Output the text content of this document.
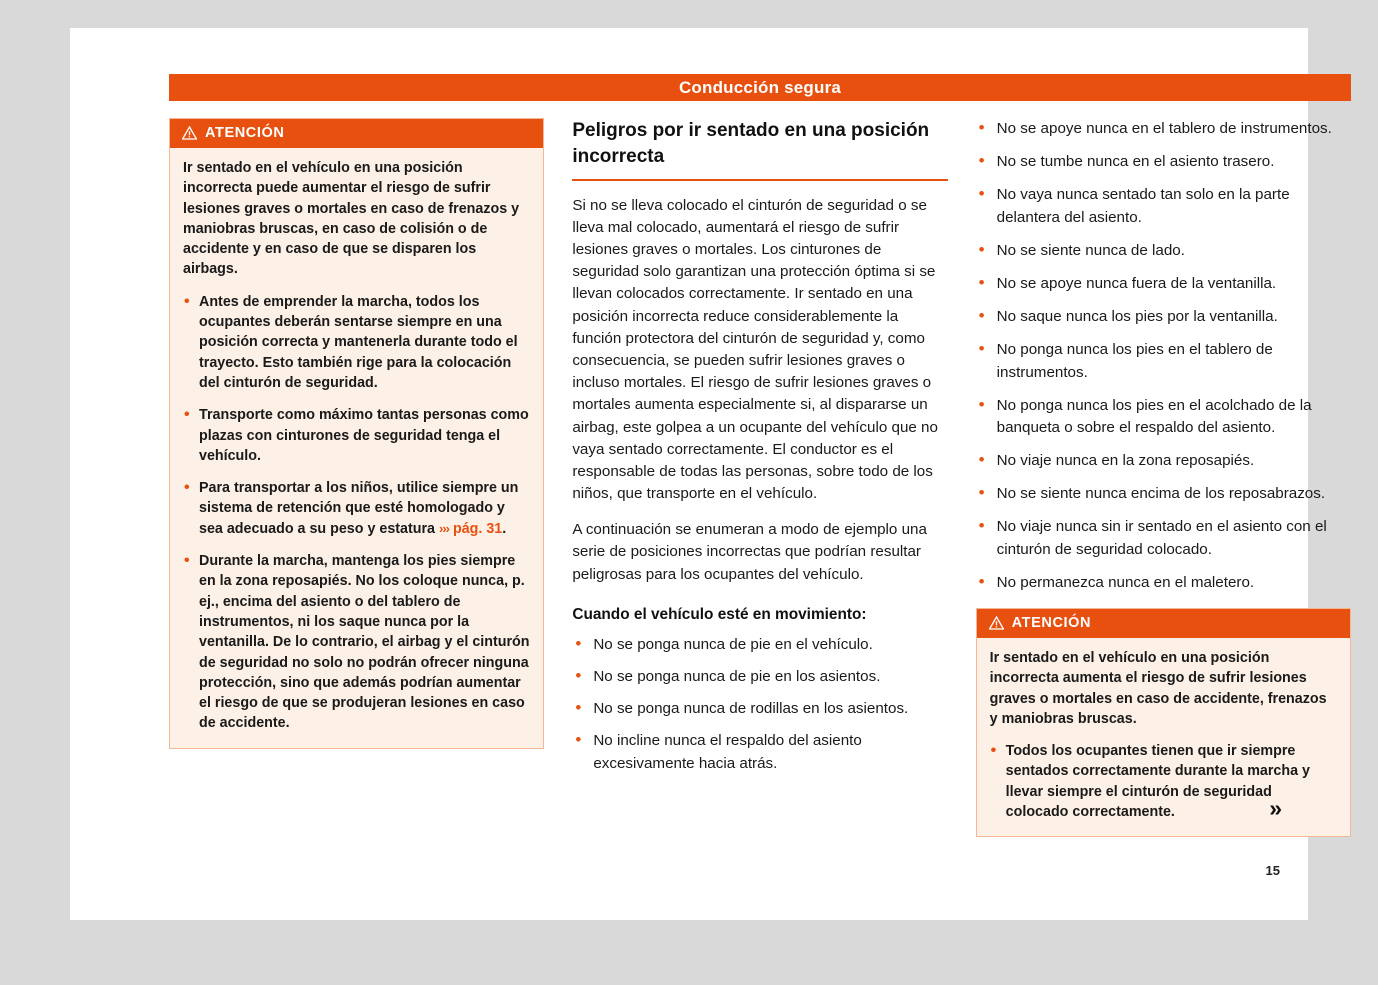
Conducción segura
ATENCIÓN

Ir sentado en el vehículo en una posición incorrecta puede aumentar el riesgo de sufrir lesiones graves o mortales en caso de frenazos y maniobras bruscas, en caso de colisión o de accidente y en caso de que se disparen los airbags.

• Antes de emprender la marcha, todos los ocupantes deberán sentarse siempre en una posición correcta y mantenerla durante todo el trayecto. Esto también rige para la colocación del cinturón de seguridad.
• Transporte como máximo tantas personas como plazas con cinturones de seguridad tenga el vehículo.
• Para transportar a los niños, utilice siempre un sistema de retención que esté homologado y sea adecuado a su peso y estatura ››› pág. 31.
• Durante la marcha, mantenga los pies siempre en la zona reposapiés. No los coloque nunca, p. ej., encima del asiento o del tablero de instrumentos, ni los saque nunca por la ventanilla. De lo contrario, el airbag y el cinturón de seguridad no solo no podrán ofrecer ninguna protección, sino que además podrían aumentar el riesgo de que se produjeran lesiones en caso de accidente.
Peligros por ir sentado en una posición incorrecta

Si no se lleva colocado el cinturón de seguridad o se lleva mal colocado, aumentará el riesgo de sufrir lesiones graves o mortales. Los cinturones de seguridad solo garantizan una protección óptima si se llevan colocados correctamente. Ir sentado en una posición incorrecta reduce considerablemente la función protectora del cinturón de seguridad y, como consecuencia, se pueden sufrir lesiones graves o incluso mortales. El riesgo de sufrir lesiones graves o mortales aumenta especialmente si, al dispararse un airbag, este golpea a un ocupante del vehículo que no vaya sentado correctamente. El conductor es el responsable de todas las personas, sobre todo de los niños, que transporte en el vehículo.

A continuación se enumeran a modo de ejemplo una serie de posiciones incorrectas que podrían resultar peligrosas para los ocupantes del vehículo.

Cuando el vehículo esté en movimiento:
• No se ponga nunca de pie en el vehículo.
• No se ponga nunca de pie en los asientos.
• No se ponga nunca de rodillas en los asientos.
• No incline nunca el respaldo del asiento excesivamente hacia atrás.
• No se apoye nunca en el tablero de instrumentos.
• No se tumbe nunca en el asiento trasero.
• No vaya nunca sentado tan solo en la parte delantera del asiento.
• No se siente nunca de lado.
• No se apoye nunca fuera de la ventanilla.
• No saque nunca los pies por la ventanilla.
• No ponga nunca los pies en el tablero de instrumentos.
• No ponga nunca los pies en el acolchado de la banqueta o sobre el respaldo del asiento.
• No viaje nunca en la zona reposapiés.
• No se siente nunca encima de los reposabrazos.
• No viaje nunca sin ir sentado en el asiento con el cinturón de seguridad colocado.
• No permanezca nunca en el maletero.
ATENCIÓN

Ir sentado en el vehículo en una posición incorrecta aumenta el riesgo de sufrir lesiones graves o mortales en caso de accidente, frenazos y maniobras bruscas.

• Todos los ocupantes tienen que ir siempre sentados correctamente durante la marcha y llevar siempre el cinturón de seguridad colocado correctamente.	»
15
